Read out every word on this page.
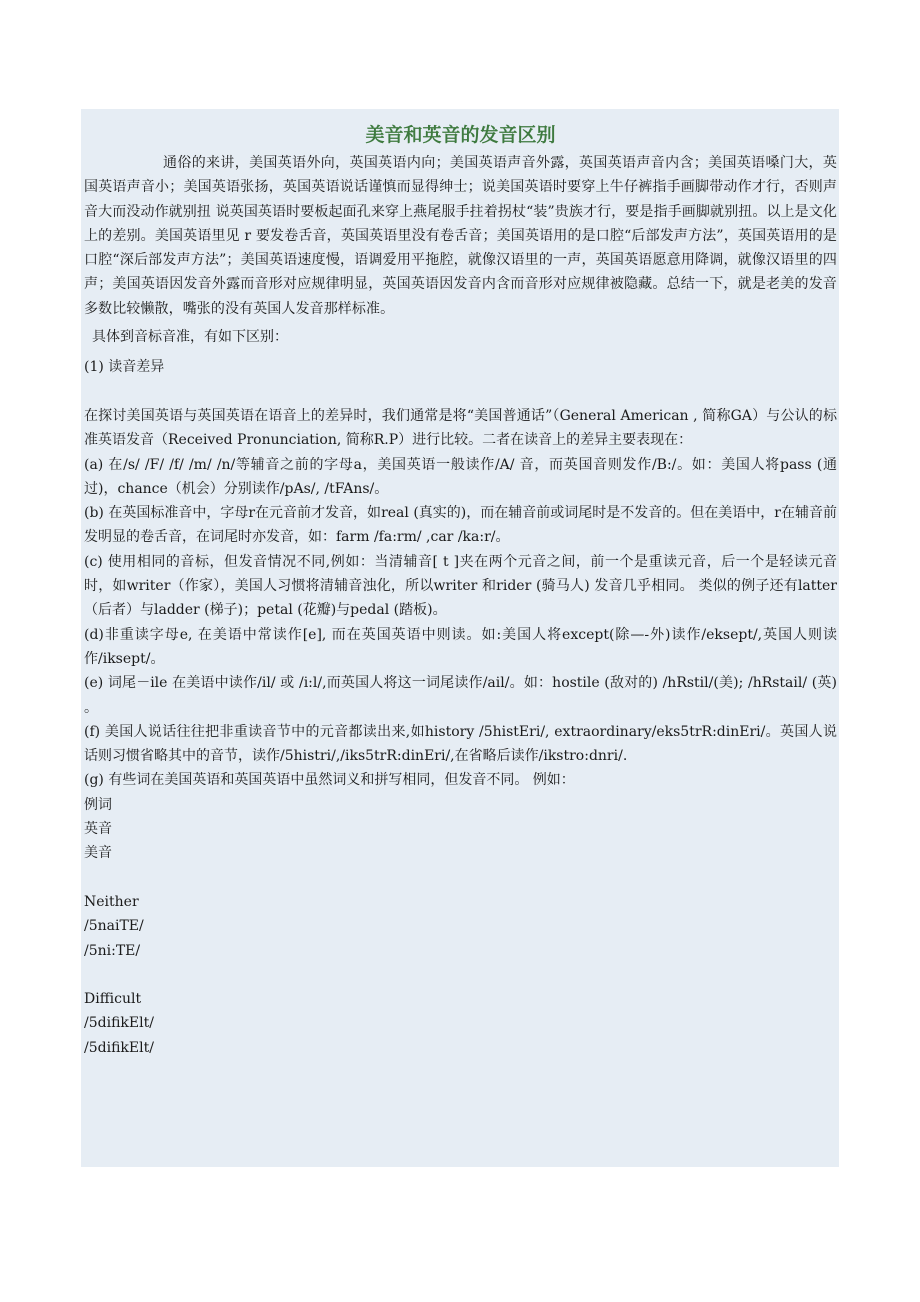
美音和英音的发音区别

通俗的来讲，美国英语外向，英国英语内向；美国英语声音外露，英国英语声音内含；美国英语嗓门大，英国英语声音小；美国英语张扬，英国英语说话谨慎而显得绅士；说美国英语时要穿上牛仔裤指手画脚带动作才行，否则声音大而没动作就别扭 说英国英语时要板起面孔来穿上燕尾服手拄着拐杖“装”贵族才行，要是指手画脚就别扭。以上是文化上的差别。美国英语里见 r 要发卷舌音，英国英语里没有卷舌音；美国英语用的是口腔“后部发声方法”，英国英语用的是口腔“深后部发声方法”；美国英语速度慢，语调爱用平拖腔，就像汉语里的一声，英国英语愿意用降调，就像汉语里的四声；美国英语因发音外露而音形对应规律明显，英国英语因发音内含而音形对应规律被隐藏。总结一下，就是老美的发音多数比较懒散，嘴张的没有英国人发音那样标准。

具体到音标音准，有如下区别：

(1) 读音差异

在探讨美国英语与英国英语在语音上的差异时，我们通常是将“美国普通话”（General American , 简称GA）与公认的标准英语发音（Received Pronunciation, 简称R.P）进行比较。二者在读音上的差异主要表现在：

(a) 在/s/ /F/ /f/ /m/ /n/等辅音之前的字母a，美国英语一般读作/A/ 音，而英国音则发作/B:/。如：美国人将pass (通过)，chance（机会）分别读作/pAs/, /tFAns/。

(b) 在英国标准音中，字母r在元音前才发音，如real (真实的)，而在辅音前或词尾时是不发音的。但在美语中，r在辅音前发明显的卷舌音，在词尾时亦发音，如：farm /fa:rm/ ,car /ka:r/。

(c) 使用相同的音标，但发音情况不同,例如：当清辅音[ t ]夹在两个元音之间，前一个是重读元音，后一个是轻读元音时，如writer（作家），美国人习惯将清辅音浊化，所以writer 和rider (骑马人) 发音几乎相同。 类似的例子还有latter（后者）与ladder (梯子)；petal (花瓣)与pedal (踏板)。

(d)非重读字母e, 在美语中常读作[e], 而在英国英语中则读。如:美国人将except(除—-外)读作/eksept/,英国人则读作/iksept/。

(e) 词尾－ile 在美语中读作/il/ 或 /i:l/,而英国人将这一词尾读作/ail/。如：hostile (敌对的) /hRstil/(美); /hRstail/ (英) 。

(f) 美国人说话往往把非重读音节中的元音都读出来,如history /5histEri/, extraordinary/eks5trR:dinEri/。英国人说话则习惯省略其中的音节，读作/5histri/,/iks5trR:dinEri/,在省略后读作/ikstro:dnri/.

(g) 有些词在美国英语和英国英语中虽然词义和拼写相同，但发音不同。 例如：

例词

英音

美音

Neither

/5naiTE/

/5ni:TE/

Difficult

/5difikElt/

/5difikElt/
